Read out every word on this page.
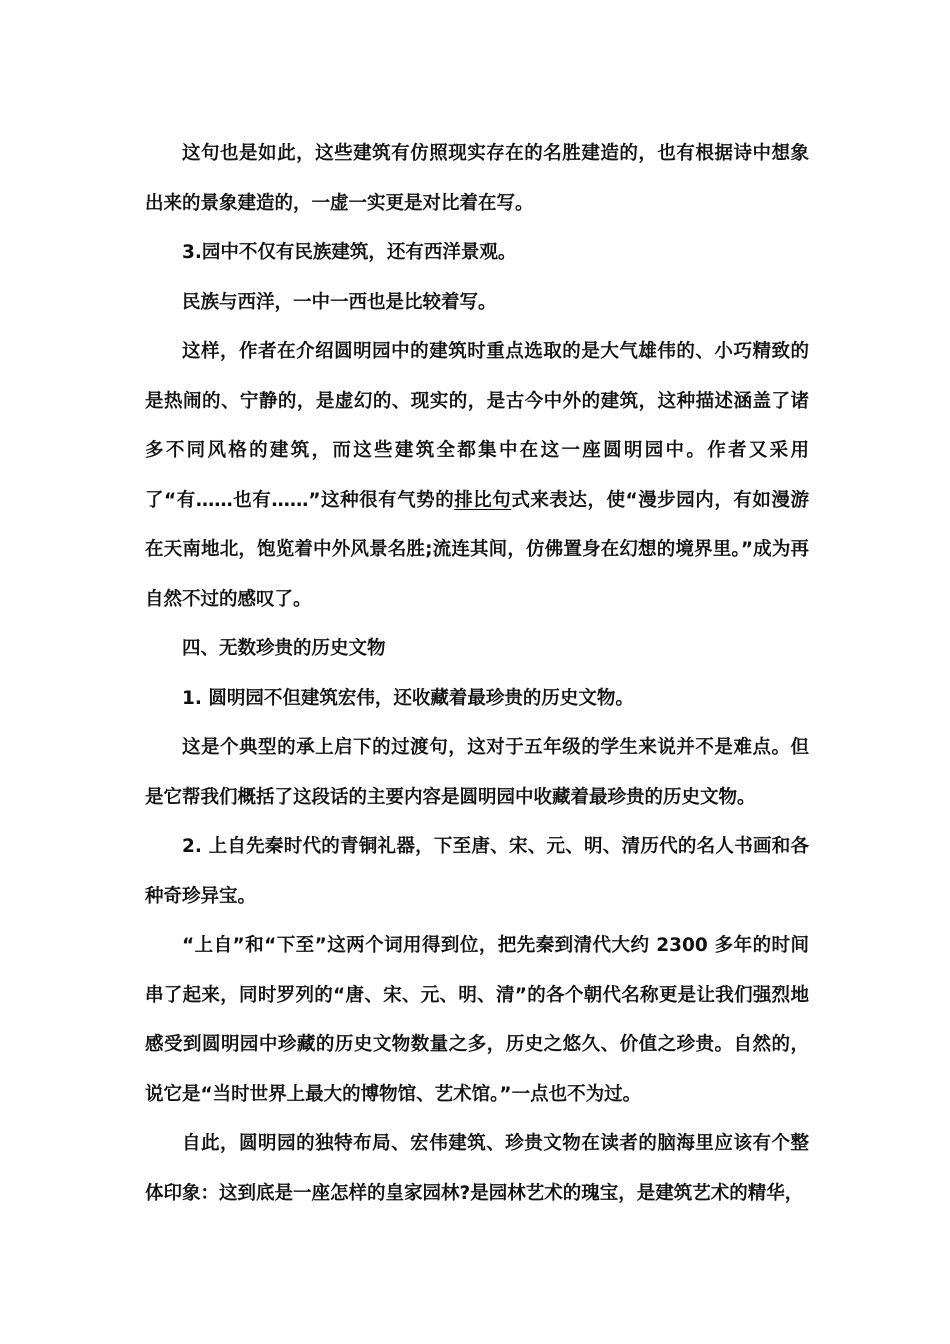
这句也是如此，这些建筑有仿照现实存在的名胜建造的，也有根据诗中想象出来的景象建造的，一虚一实更是对比着在写。

3.园中不仅有民族建筑，还有西洋景观。

民族与西洋，一中一西也是比较着写。

这样，作者在介绍圆明园中的建筑时重点选取的是大气雄伟的、小巧精致的是热闹的、宁静的，是虚幻的、现实的，是古今中外的建筑，这种描述涵盖了诸多不同风格的建筑，而这些建筑全都集中在这一座圆明园中。作者又采用了“有……也有……”这种很有气势的排比句式来表达，使“漫步园内，有如漫游在天南地北，饱览着中外风景名胜;流连其间，仿佛置身在幻想的境界里。”成为再自然不过的感叹了。

四、无数珍贵的历史文物

1. 圆明园不但建筑宏伟，还收藏着最珍贵的历史文物。

这是个典型的承上启下的过渡句，这对于五年级的学生来说并不是难点。但是它帮我们概括了这段话的主要内容是圆明园中收藏着最珍贵的历史文物。

2. 上自先秦时代的青铜礼器，下至唐、宋、元、明、清历代的名人书画和各种奇珍异宝。

“上自”和“下至”这两个词用得到位，把先秦到清代大约 2300 多年的时间串了起来，同时罗列的“唐、宋、元、明、清”的各个朝代名称更是让我们强烈地感受到圆明园中珍藏的历史文物数量之多，历史之悠久、价值之珍贵。自然的，说它是“当时世界上最大的博物馆、艺术馆。”一点也不为过。

自此，圆明园的独特布局、宏伟建筑、珍贵文物在读者的脑海里应该有个整体印象：这到底是一座怎样的皇家园林?是园林艺术的瑰宝，是建筑艺术的精华，
